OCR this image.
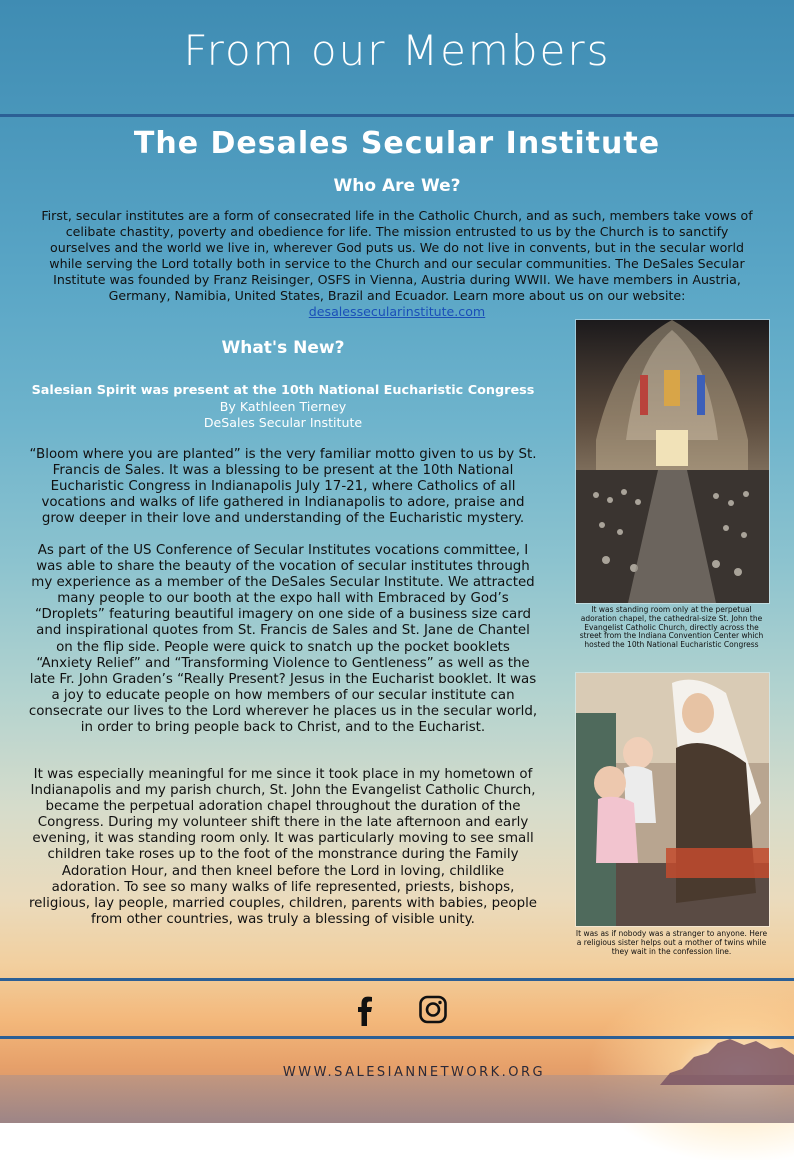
From our Members
The Desales Secular Institute
Who Are We?
First, secular institutes are a form of consecrated life in the Catholic Church, and as such, members take vows of celibate chastity, poverty and obedience for life. The mission entrusted to us by the Church is to sanctify ourselves and the world we live in, wherever God puts us. We do not live in convents, but in the secular world while serving the Lord totally both in service to the Church and our secular communities. The DeSales Secular Institute was founded by Franz Reisinger, OSFS in Vienna, Austria during WWII. We have members in Austria, Germany, Namibia, United States, Brazil and Ecuador. Learn more about us on our website: desalessecularinstitute.com
What's New?
Salesian Spirit was present at the 10th National Eucharistic Congress
By Kathleen Tierney
DeSales Secular Institute
“Bloom where you are planted” is the very familiar motto given to us by St. Francis de Sales. It was a blessing to be present at the 10th National Eucharistic Congress in Indianapolis July 17-21, where Catholics of all vocations and walks of life gathered in Indianapolis to adore, praise and grow deeper in their love and understanding of the Eucharistic mystery.
As part of the US Conference of Secular Institutes vocations committee, I was able to share the beauty of the vocation of secular institutes through my experience as a member of the DeSales Secular Institute. We attracted many people to our booth at the expo hall with Embraced by God’s “Droplets” featuring beautiful imagery on one side of a business size card and inspirational quotes from St. Francis de Sales and St. Jane de Chantel on the flip side. People were quick to snatch up the pocket booklets “Anxiety Relief” and “Transforming Violence to Gentleness” as well as the late Fr. John Graden’s “Really Present? Jesus in the Eucharist booklet. It was a joy to educate people on how members of our secular institute can consecrate our lives to the Lord wherever he places us in the secular world, in order to bring people back to Christ, and to the Eucharist.
It was especially meaningful for me since it took place in my hometown of Indianapolis and my parish church, St. John the Evangelist Catholic Church, became the perpetual adoration chapel throughout the duration of the Congress. During my volunteer shift there in the late afternoon and early evening, it was standing room only. It was particularly moving to see small children take roses up to the foot of the monstrance during the Family Adoration Hour, and then kneel before the Lord in loving, childlike adoration. To see so many walks of life represented, priests, bishops, religious, lay people, married couples, children, parents with babies, people from other countries, was truly a blessing of visible unity.
It was standing room only at the perpetual adoration chapel, the cathedral-size St. John the Evangelist Catholic Church, directly across the street from the Indiana Convention Center which hosted the 10th National Eucharistic Congress
It was as if nobody was a stranger to anyone. Here a religious sister helps out a mother of twins while they wait in the confession line.
WWW.SALESIANNETWORK.ORG
